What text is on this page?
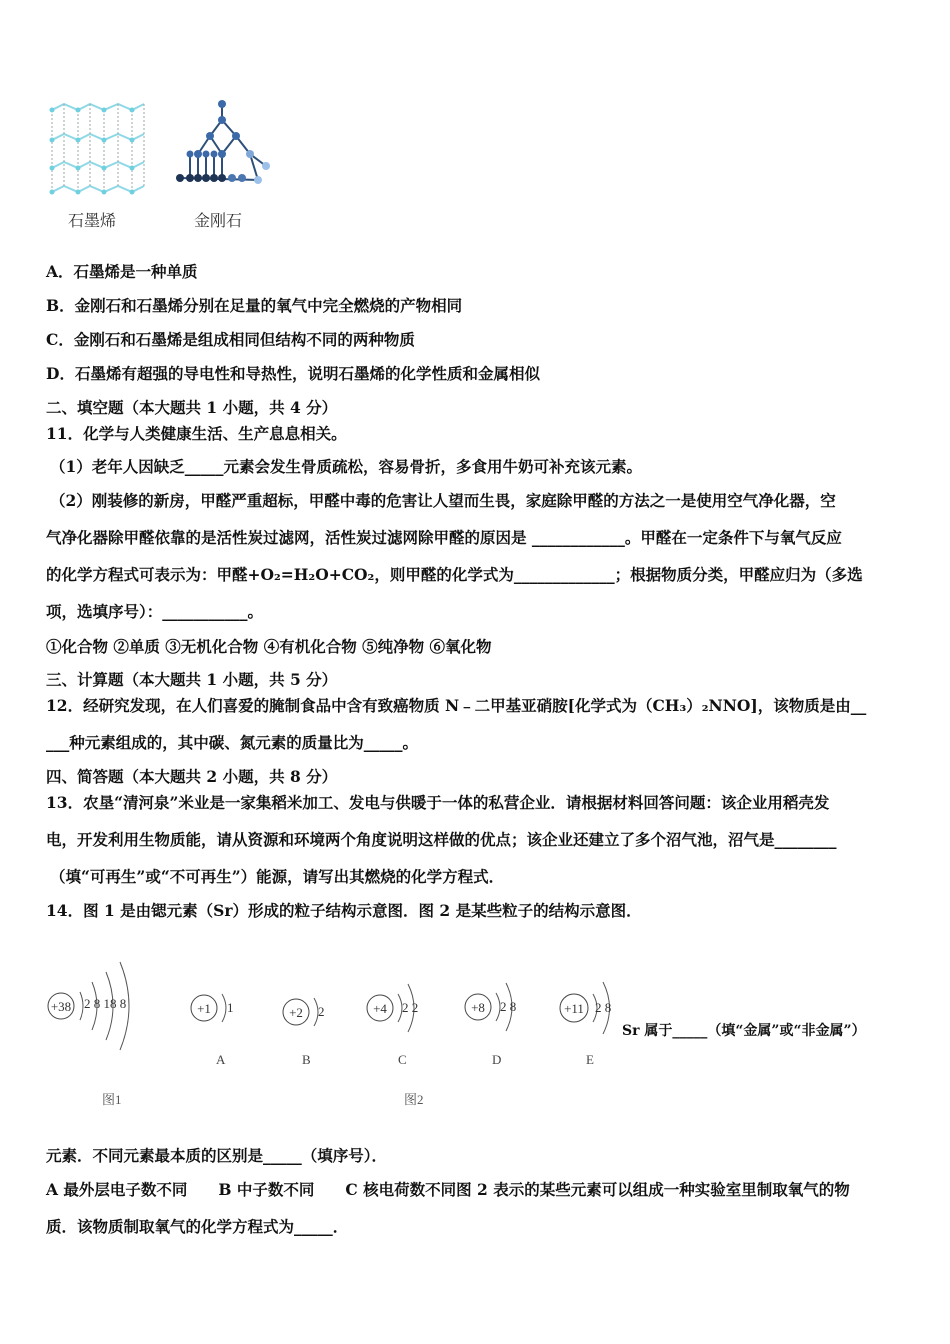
石墨烯	金刚石
A．石墨烯是一种单质
B．金刚石和石墨烯分别在足量的氧气中完全燃烧的产物相同
C．金刚石和石墨烯是组成相同但结构不同的两种物质
D．石墨烯有超强的导电性和导热性，说明石墨烯的化学性质和金属相似
二、填空题（本大题共 1 小题，共 4 分）
11．化学与人类健康生活、生产息息相关。
（1）老年人因缺乏_____元素会发生骨质疏松，容易骨折，多食用牛奶可补充该元素。
（2）刚装修的新房，甲醛严重超标，甲醛中毒的危害让人望而生畏，家庭除甲醛的方法之一是使用空气净化器，空
气净化器除甲醛依靠的是活性炭过滤网，活性炭过滤网除甲醛的原因是 ____________。甲醛在一定条件下与氧气反应
的化学方程式可表示为：甲醛+O₂=H₂O+CO₂，则甲醛的化学式为_____________；根据物质分类，甲醛应归为（多选
项，选填序号）：___________。
①化合物 ②单质 ③无机化合物 ④有机化合物 ⑤纯净物 ⑥氧化物
三、计算题（本大题共 1 小题，共 5 分）
12．经研究发现，在人们喜爱的腌制食品中含有致癌物质 N﹣二甲基亚硝胺[化学式为（CH₃）₂NNO]，该物质是由__
___种元素组成的，其中碳、氮元素的质量比为_____。
四、简答题（本大题共 2 小题，共 8 分）
13．农垦“清河泉”米业是一家集稻米加工、发电与供暖于一体的私营企业．请根据材料回答问题：该企业用稻壳发
电，开发利用生物质能，请从资源和环境两个角度说明这样做的优点；该企业还建立了多个沼气池，沼气是________
（填“可再生”或“不可再生”）能源，请写出其燃烧的化学方程式．
14．图 1 是由锶元素（Sr）形成的粒子结构示意图．图 2 是某些粒子的结构示意图．
+38 2 8 18 8	+1 1	+2 2	+4 2 2	+8 2 8	+11 2 8
A	B	C	D	E
图1	图2
Sr 属于_____（填“金属”或“非金属”）
元素．不同元素最本质的区别是_____（填序号）．
A 最外层电子数不同　　B 中子数不同　　C 核电荷数不同图 2 表示的某些元素可以组成一种实验室里制取氧气的物
质．该物质制取氧气的化学方程式为_____．
